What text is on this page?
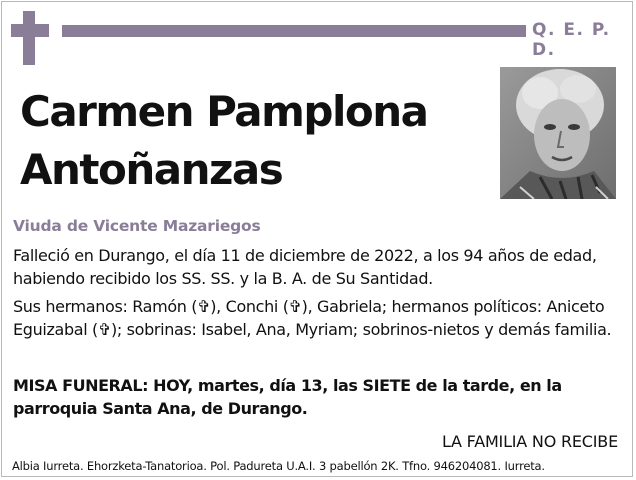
Q. E. P. D.
Carmen Pamplona
Antoñanzas
Viuda de Vicente Mazariegos

Falleció en Durango, el día 11 de diciembre de 2022, a los 94 años de edad, habiendo recibido los SS. SS. y la B. A. de Su Santidad.

Sus hermanos: Ramón (✞), Conchi (✞), Gabriela; hermanos políticos: Aniceto Eguizabal (✞); sobrinas: Isabel, Ana, Myriam; sobrinos-nietos y demás familia.

MISA FUNERAL: HOY, martes, día 13, las SIETE de la tarde, en la parroquia Santa Ana, de Durango.

LA FAMILIA NO RECIBE
Albia Iurreta. Ehorzketa-Tanatorioa. Pol. Padureta U.A.I. 3 pabellón 2K. Tfno. 946204081. Iurreta.
